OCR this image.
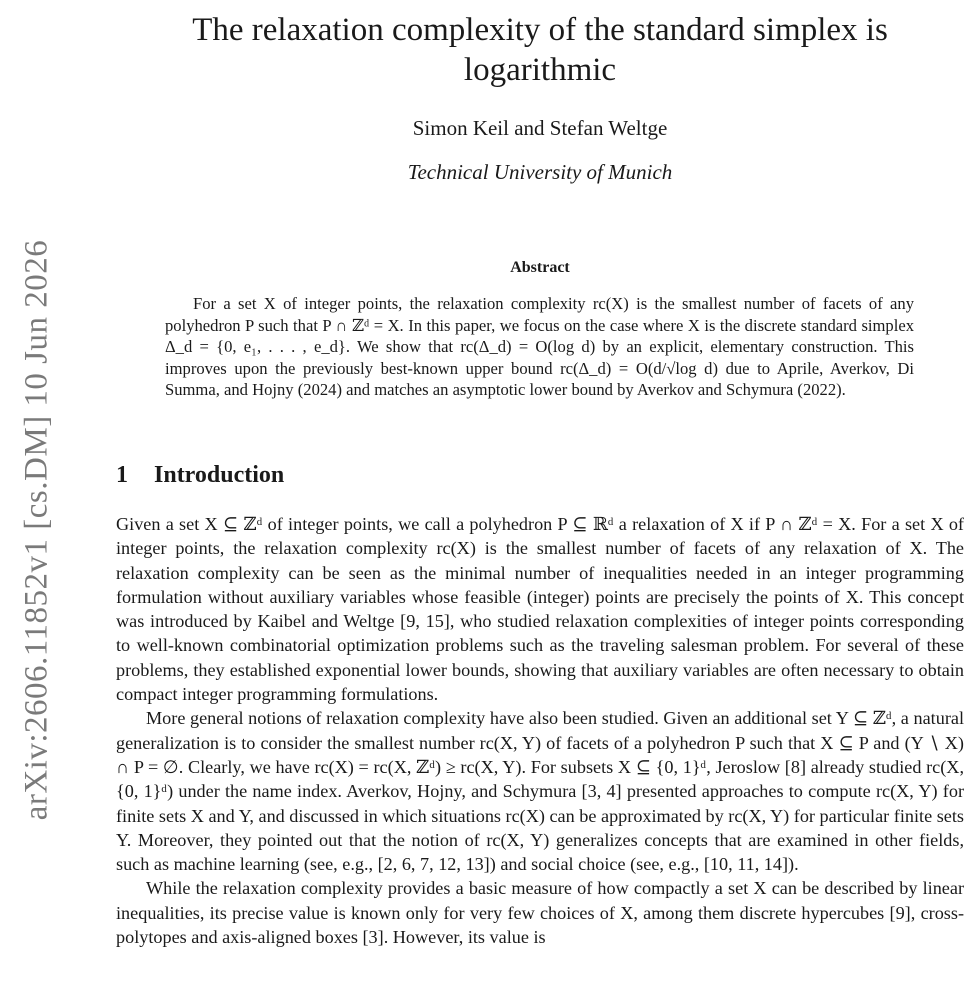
arXiv:2606.11852v1 [cs.DM] 10 Jun 2026
The relaxation complexity of the standard simplex is logarithmic
Simon Keil and Stefan Weltge
Technical University of Munich
Abstract

For a set X of integer points, the relaxation complexity rc(X) is the smallest number of facets of any polyhedron P such that P ∩ ℤᵈ = X. In this paper, we focus on the case where X is the discrete standard simplex Δ_d = {0, e₁, . . . , e_d}. We show that rc(Δ_d) = O(log d) by an explicit, elementary construction. This improves upon the previously best-known upper bound rc(Δ_d) = O(d/√log d) due to Aprile, Averkov, Di Summa, and Hojny (2024) and matches an asymptotic lower bound by Averkov and Schymura (2022).

1 Introduction

Given a set X ⊆ ℤᵈ of integer points, we call a polyhedron P ⊆ ℝᵈ a relaxation of X if P ∩ ℤᵈ = X. For a set X of integer points, the relaxation complexity rc(X) is the smallest number of facets of any relaxation of X. The relaxation complexity can be seen as the minimal number of inequalities needed in an integer programming formulation without auxiliary variables whose feasible (integer) points are precisely the points of X. This concept was introduced by Kaibel and Weltge [9, 15], who studied relaxation complexities of integer points corresponding to well-known combinatorial optimization problems such as the traveling salesman problem. For several of these problems, they established exponential lower bounds, showing that auxiliary variables are often necessary to obtain compact integer programming formulations.

More general notions of relaxation complexity have also been studied. Given an additional set Y ⊆ ℤᵈ, a natural generalization is to consider the smallest number rc(X, Y) of facets of a polyhedron P such that X ⊆ P and (Y ∖ X) ∩ P = ∅. Clearly, we have rc(X) = rc(X, ℤᵈ) ≥ rc(X, Y). For subsets X ⊆ {0, 1}ᵈ, Jeroslow [8] already studied rc(X, {0, 1}ᵈ) under the name index. Averkov, Hojny, and Schymura [3, 4] presented approaches to compute rc(X, Y) for finite sets X and Y, and discussed in which situations rc(X) can be approximated by rc(X, Y) for particular finite sets Y. Moreover, they pointed out that the notion of rc(X, Y) generalizes concepts that are examined in other fields, such as machine learning (see, e.g., [2, 6, 7, 12, 13]) and social choice (see, e.g., [10, 11, 14]).

While the relaxation complexity provides a basic measure of how compactly a set X can be described by linear inequalities, its precise value is known only for very few choices of X, among them discrete hypercubes [9], cross-polytopes and axis-aligned boxes [3]. However, its value is
